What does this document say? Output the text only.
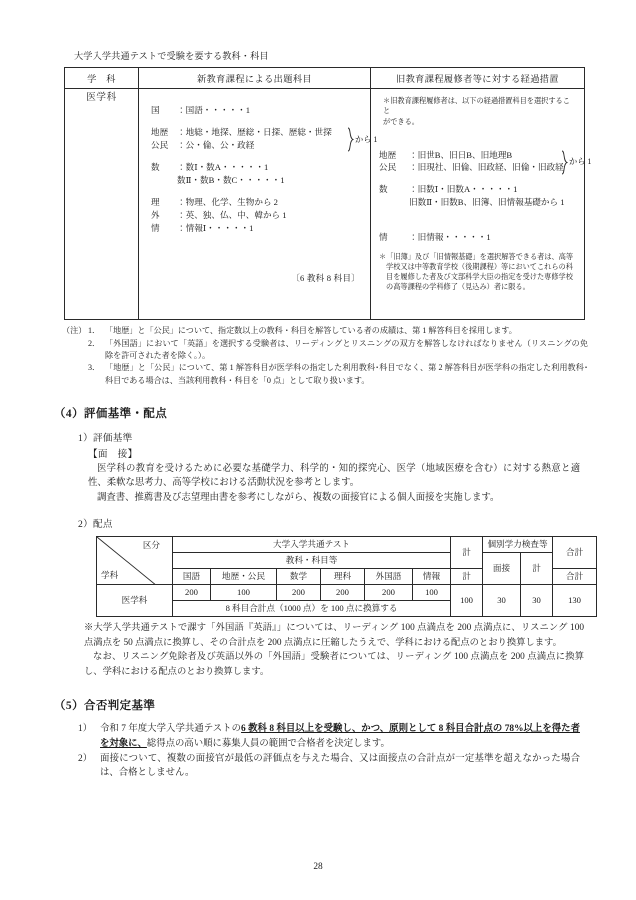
大学入学共通テストで受験を要する教科・科目

学　科	新教育課程による出題科目	旧教育課程履修者等に対する経過措置
医学科	
国	：国語・・・・・1
地歴	：地総・地探、歴総・日探、歴総・世探
公民	：公・倫、公・政経
から 1
数	：数Ⅰ・数A・・・・・1
数Ⅱ・数B・数C・・・・・1
理	：物理、化学、生物から 2
外	：英、独、仏、中、韓から 1
情	：情報Ⅰ・・・・・1
〔6 教科 8 科目〕

＊旧教育課程履修者は、以下の経過措置科目を選択すること
ができる。
地歴	：旧世B、旧日B、旧地理B
公民	：旧現社、旧倫、旧政経、旧倫・旧政経
から 1
数	：旧数Ⅰ・旧数A・・・・・1
旧数Ⅱ・旧数B、旧簿、旧情報基礎から 1
情	：旧情報・・・・・1
＊「旧簿」及び「旧情報基礎」を選択解答できる者は、高等学校又は中等教育学校（後期課程）等においてこれらの科目を履修した者及び文部科学大臣の指定を受けた専修学校の高等課程の学科修了（見込み）者に限る。
（注） 1． 「地歴」と「公民」について、指定数以上の教科・科目を解答している者の成績は、第 1 解答科目を採用します。
2． 「外国語」において「英語」を選択する受験者は、リーディングとリスニングの双方を解答しなければなりません（リスニングの免除を許可された者を除く。）。
3． 「地歴」と「公民」について、第 1 解答科目が医学科の指定した利用教科･科目でなく、第 2 解答科目が医学科の指定した利用教科･科目である場合は、当該利用教科・科目を「0 点」として取り扱います。
（4）評価基準・配点
1）評価基準
【面　接】

医学科の教育を受けるために必要な基礎学力、科学的・知的探究心、医学（地域医療を含む）に対する熱意と適性、柔軟な思考力、高等学校における活動状況を参考とします。

調査書、推薦書及び志望理由書を参考にしながら、複数の面接官による個人面接を実施します。

2）配点
区分
学科	大学入学共通テスト						計	個別学力検査等		合計
	教科・科目等							面接	計	
	国語	地歴・公民	数学	理科	外国語	情報	計			合計
医学科	200	100	200	200	200	100	100	30	30	130
	8 科目合計点（1000 点）を 100 点に換算する									
※大学入学共通テストで課す「外国語『英語』」については、リーディング 100 点満点を 200 点満点に、リスニング 100 点満点を 50 点満点に換算し、その合計点を 200 点満点に圧縮したうえで、学科における配点のとおり換算します。
なお、リスニング免除者及び英語以外の「外国語」受験者については、リーディング 100 点満点を 200 点満点に換算し、学科における配点のとおり換算します。
（5）合否判定基準
1） 令和 7 年度大学入学共通テストの6 教科 8 科目以上を受験し、かつ、原則として 8 科目合計点の 78%以上を得た者を対象に、総得点の高い順に募集人員の範囲で合格者を決定します。
2） 面接について、複数の面接官が最低の評価点を与えた場合、又は面接点の合計点が一定基準を超えなかった場合は、合格としません。
28
